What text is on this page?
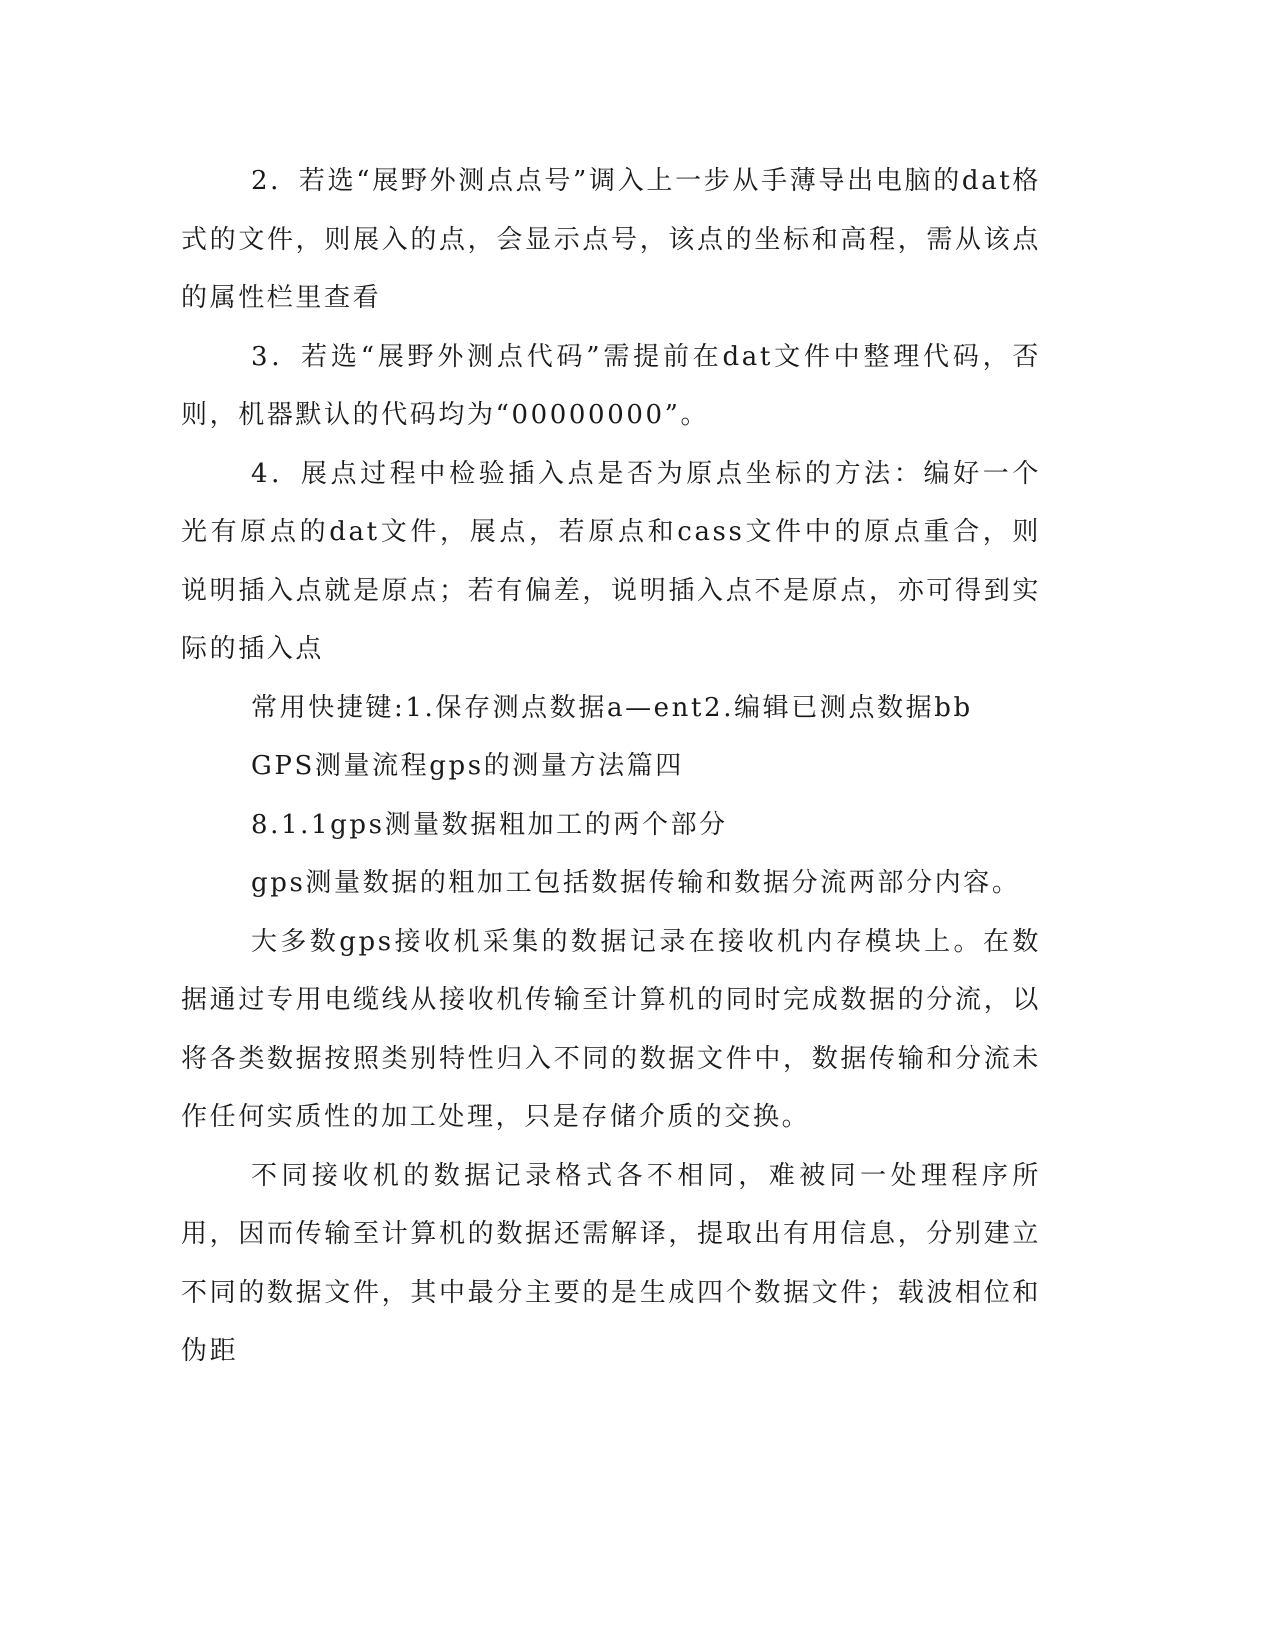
2．若选“展野外测点点号”调入上一步从手薄导出电脑的dat格式的文件，则展入的点，会显示点号，该点的坐标和高程，需从该点的属性栏里查看

3．若选“展野外测点代码”需提前在dat文件中整理代码，否则，机器默认的代码均为“00000000”。

4．展点过程中检验插入点是否为原点坐标的方法：编好一个光有原点的dat文件，展点，若原点和cass文件中的原点重合，则说明插入点就是原点；若有偏差，说明插入点不是原点，亦可得到实际的插入点

常用快捷键:1.保存测点数据a—ent2.编辑已测点数据bb

GPS测量流程gps的测量方法篇四

8.1.1gps测量数据粗加工的两个部分

gps测量数据的粗加工包括数据传输和数据分流两部分内容。

大多数gps接收机采集的数据记录在接收机内存模块上。在数据通过专用电缆线从接收机传输至计算机的同时完成数据的分流，以将各类数据按照类别特性归入不同的数据文件中，数据传输和分流未作任何实质性的加工处理，只是存储介质的交换。

不同接收机的数据记录格式各不相同，难被同一处理程序所用，因而传输至计算机的数据还需解译，提取出有用信息，分别建立不同的数据文件，其中最分主要的是生成四个数据文件；载波相位和伪距
